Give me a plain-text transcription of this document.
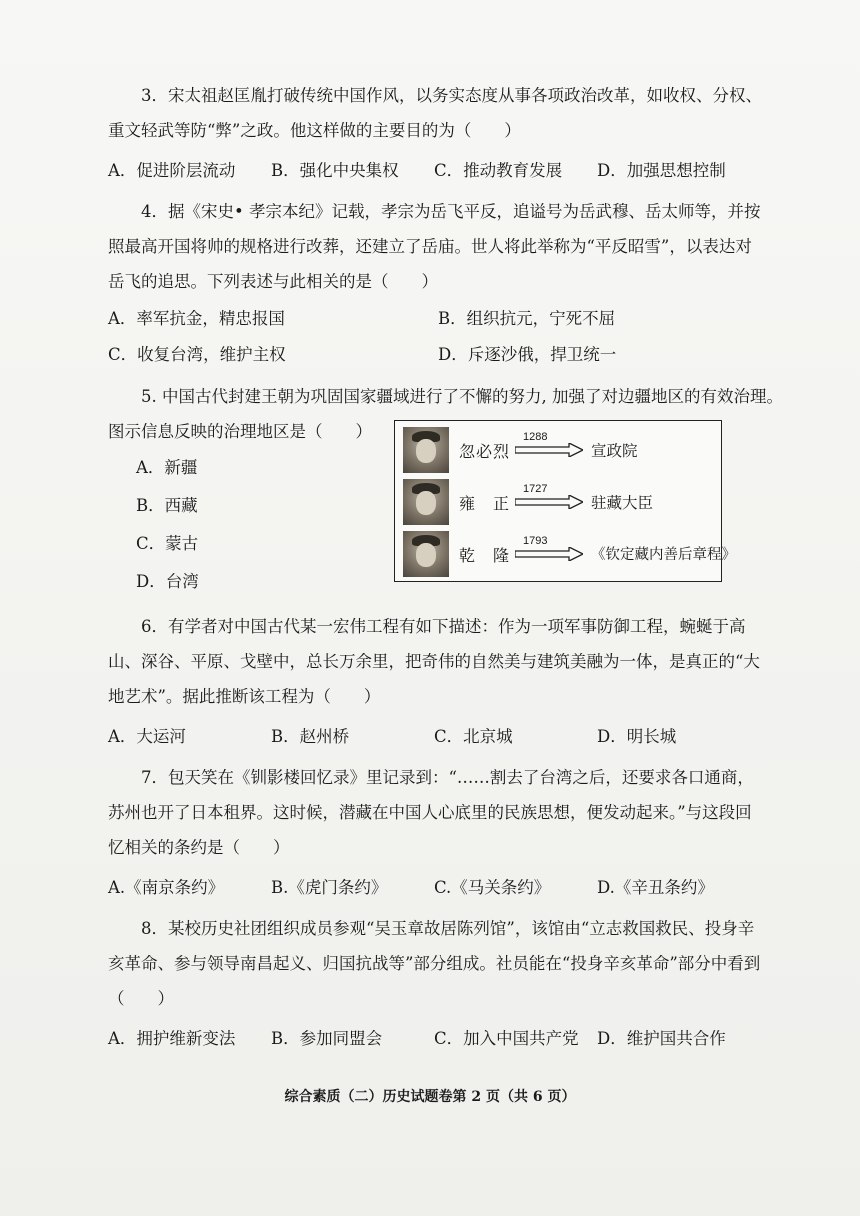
3．宋太祖赵匡胤打破传统中国作风，以务实态度从事各项政治改革，如收权、分权、重文轻武等防“弊”之政。他这样做的主要目的为（　　）

A．促进阶层流动	B．强化中央集权	C．推动教育发展	D．加强思想控制

4．据《宋史• 孝宗本纪》记载，孝宗为岳飞平反，追谥号为岳武穆、岳太师等，并按照最高开国将帅的规格进行改葬，还建立了岳庙。世人将此举称为“平反昭雪”，以表达对岳飞的追思。下列表述与此相关的是（　　）

A．率军抗金，精忠报国	B．组织抗元，宁死不屈
C．收复台湾，维护主权	D．斥逐沙俄，捍卫统一

5. 中国古代封建王朝为巩固国家疆域进行了不懈的努力, 加强了对边疆地区的有效治理。

图示信息反映的治理地区是（　　）

A．新疆
B．西藏
C．蒙古
D．台湾
忽必烈
1288
宣政院
雍　正
1727
驻藏大臣
乾　隆
1793
《钦定藏内善后章程》

6．有学者对中国古代某一宏伟工程有如下描述：作为一项军事防御工程，蜿蜒于高山、深谷、平原、戈壁中，总长万余里，把奇伟的自然美与建筑美融为一体，是真正的“大地艺术”。据此推断该工程为（　　）

A．大运河	B．赵州桥	C．北京城	D．明长城

7．包天笑在《钏影楼回忆录》里记录到：“……割去了台湾之后，还要求各口通商，苏州也开了日本租界。这时候，潜藏在中国人心底里的民族思想，便发动起来。”与这段回忆相关的条约是（　　）

A.《南京条约》	B.《虎门条约》	C.《马关条约》	D.《辛丑条约》

8．某校历史社团组织成员参观“吴玉章故居陈列馆”，该馆由“立志救国救民、投身辛亥革命、参与领导南昌起义、归国抗战等”部分组成。社员能在“投身辛亥革命”部分中看到（　　）

A．拥护维新变法	B．参加同盟会	C．加入中国共产党	D．维护国共合作
综合素质（二）历史试题卷第 2 页（共 6 页）
